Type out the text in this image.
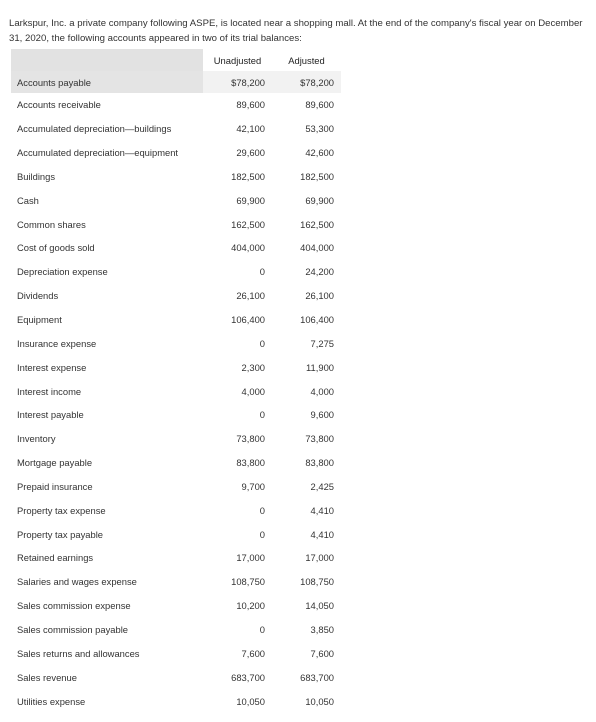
Larkspur, Inc. a private company following ASPE, is located near a shopping mall. At the end of the company's fiscal year on December 31, 2020, the following accounts appeared in two of its trial balances:

	Unadjusted	Adjusted
Accounts payable	$78,200	$78,200
Accounts receivable	89,600	89,600
Accumulated depreciation—buildings	42,100	53,300
Accumulated depreciation—equipment	29,600	42,600
Buildings	182,500	182,500
Cash	69,900	69,900
Common shares	162,500	162,500
Cost of goods sold	404,000	404,000
Depreciation expense	0	24,200
Dividends	26,100	26,100
Equipment	106,400	106,400
Insurance expense	0	7,275
Interest expense	2,300	11,900
Interest income	4,000	4,000
Interest payable	0	9,600
Inventory	73,800	73,800
Mortgage payable	83,800	83,800
Prepaid insurance	9,700	2,425
Property tax expense	0	4,410
Property tax payable	0	4,410
Retained earnings	17,000	17,000
Salaries and wages expense	108,750	108,750
Sales commission expense	10,200	14,050
Sales commission payable	0	3,850
Sales returns and allowances	7,600	7,600
Sales revenue	683,700	683,700
Utilities expense	10,050	10,050
